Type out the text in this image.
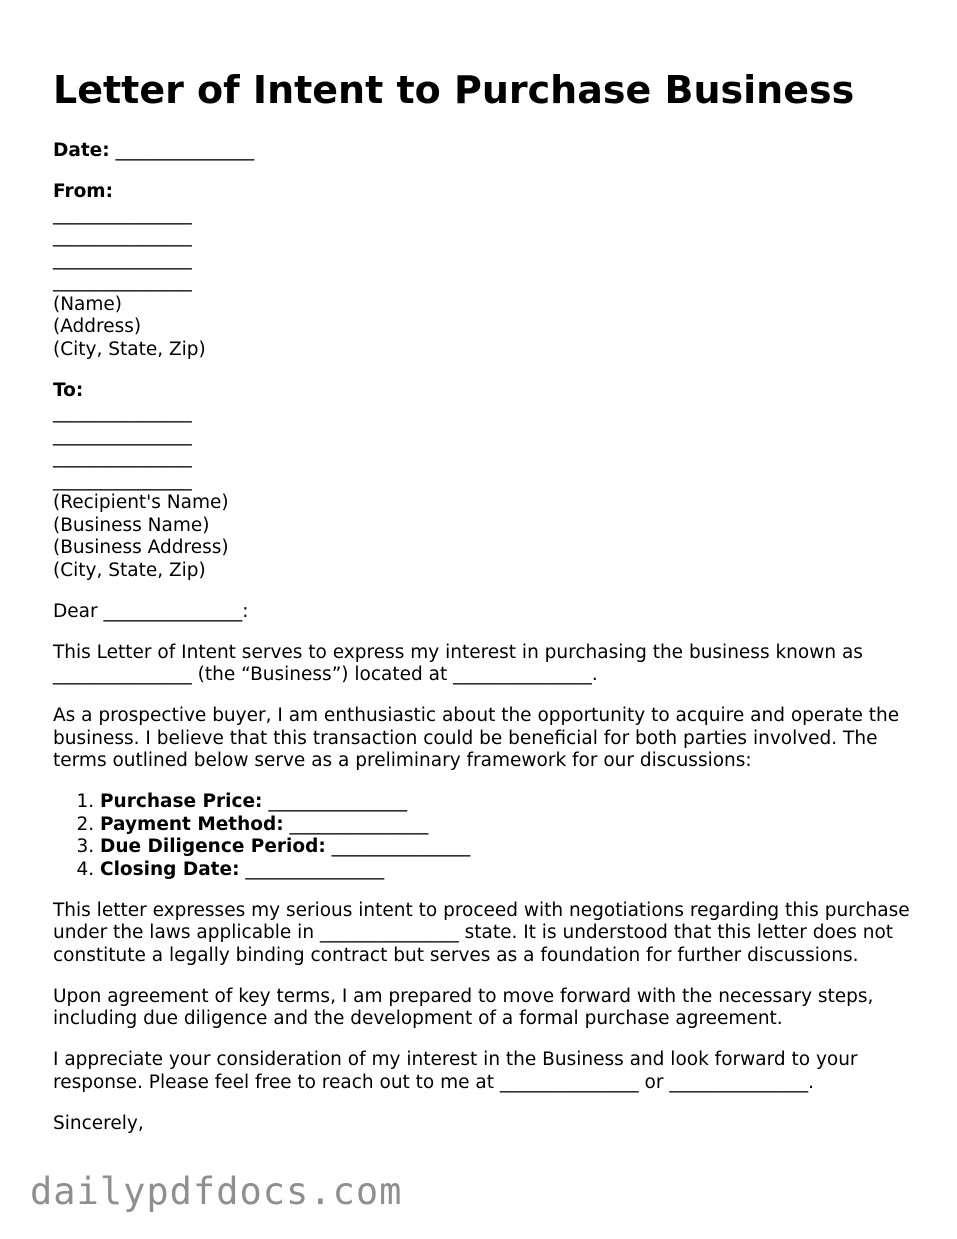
Letter of Intent to Purchase Business

Date: _______________

From:
_______________
_______________
_______________
_______________
(Name)
(Address)
(City, State, Zip)
To:
_______________
_______________
_______________
_______________
(Recipient's Name)
(Business Name)
(Business Address)
(City, State, Zip)

Dear _______________:

This Letter of Intent serves to express my interest in purchasing the business known as _______________ (the “Business”) located at _______________.

As a prospective buyer, I am enthusiastic about the opportunity to acquire and operate the business. I believe that this transaction could be beneficial for both parties involved. The terms outlined below serve as a preliminary framework for our discussions:

1. Purchase Price: _______________
2. Payment Method: _______________
3. Due Diligence Period: _______________
4. Closing Date: _______________

This letter expresses my serious intent to proceed with negotiations regarding this purchase under the laws applicable in _______________ state. It is understood that this letter does not constitute a legally binding contract but serves as a foundation for further discussions.

Upon agreement of key terms, I am prepared to move forward with the necessary steps, including due diligence and the development of a formal purchase agreement.

I appreciate your consideration of my interest in the Business and look forward to your response. Please feel free to reach out to me at _______________ or _______________.

Sincerely,

dailypdfdocs.com
